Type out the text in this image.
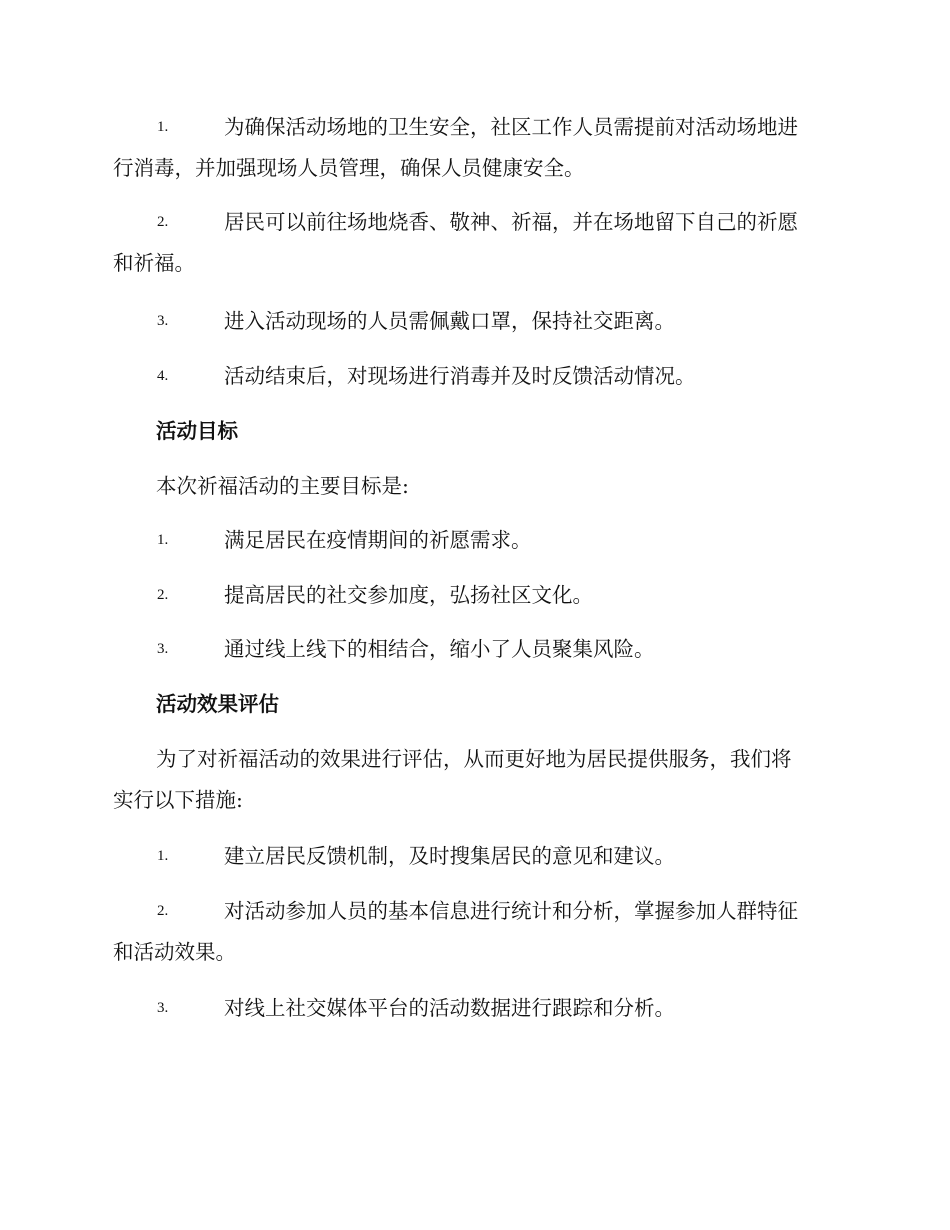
1.	为确保活动场地的卫生安全，社区工作人员需提前对活动场地进
行消毒，并加强现场人员管理，确保人员健康安全。
2.	居民可以前往场地烧香、敬神、祈福，并在场地留下自己的祈愿
和祈福。
3.	进入活动现场的人员需佩戴口罩，保持社交距离。
4.	活动结束后，对现场进行消毒并及时反馈活动情况。
活动目标
本次祈福活动的主要目标是:
1.	满足居民在疫情期间的祈愿需求。
2.	提高居民的社交参加度，弘扬社区文化。
3.	通过线上线下的相结合，缩小了人员聚集风险。
活动效果评估
为了对祈福活动的效果进行评估，从而更好地为居民提供服务，我们将
实行以下措施:
1.	建立居民反馈机制，及时搜集居民的意见和建议。
2.	对活动参加人员的基本信息进行统计和分析，掌握参加人群特征
和活动效果。
3.	对线上社交媒体平台的活动数据进行跟踪和分析。
